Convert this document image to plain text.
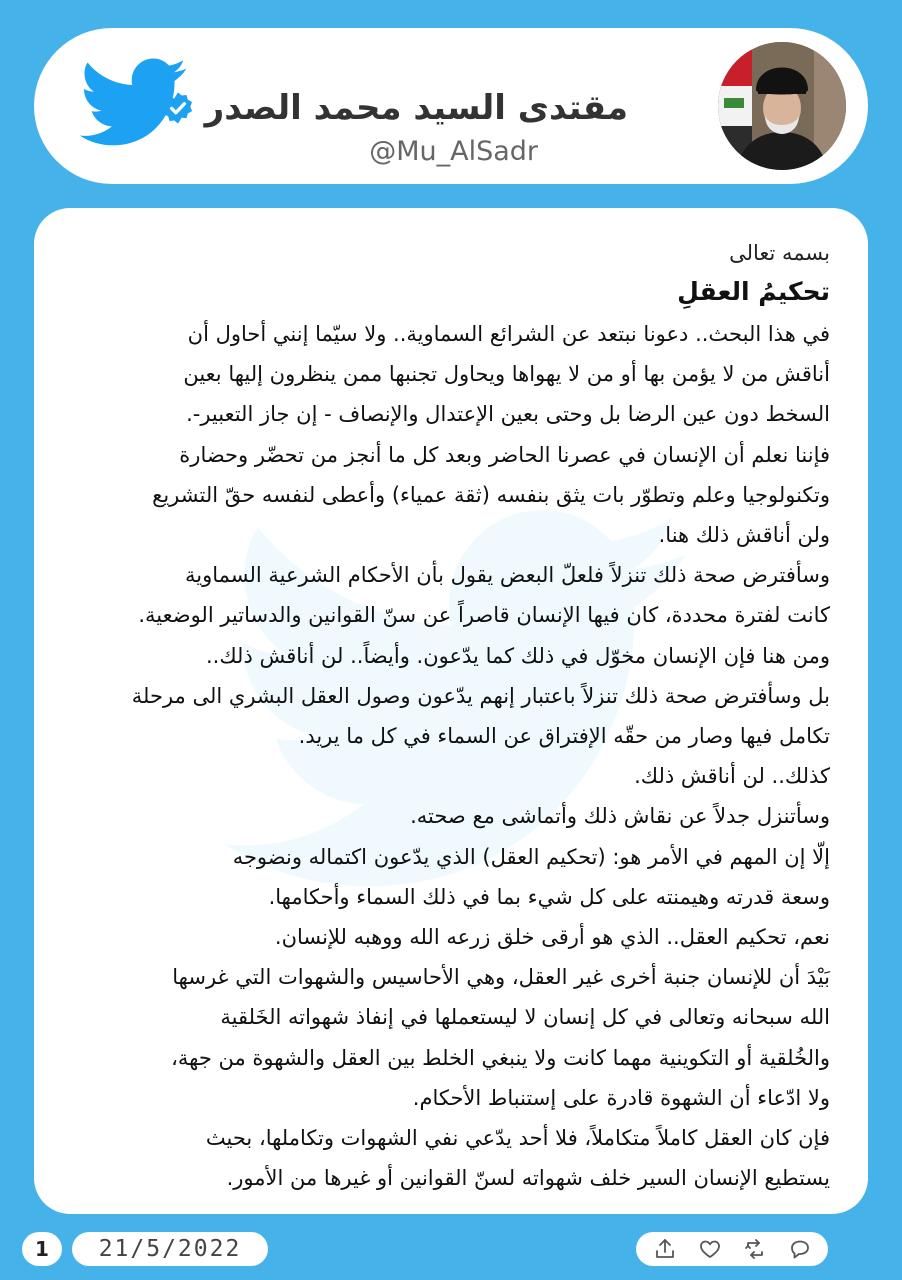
مقتدى السيد محمد الصدر
@Mu_AlSadr
بسمه تعالى
تحكيمُ العقلِ
في هذا البحث.. دعونا نبتعد عن الشرائع السماوية.. ولا سيّما إنني أحاول أن
أناقش من لا يؤمن بها أو من لا يهواها ويحاول تجنبها ممن ينظرون إليها بعين
السخط دون عين الرضا بل وحتى بعين الإعتدال والإنصاف - إن جاز التعبير-.
فإننا نعلم أن الإنسان في عصرنا الحاضر وبعد كل ما أنجز من تحضّر وحضارة
وتكنولوجيا وعلم وتطوّر بات يثق بنفسه (ثقة عمياء) وأعطى لنفسه حقّ التشريع
ولن أناقش ذلك هنا.
وسأفترض صحة ذلك تنزلاً فلعلّ البعض يقول بأن الأحكام الشرعية السماوية
كانت لفترة محددة، كان فيها الإنسان قاصراً عن سنّ القوانين والدساتير الوضعية.
ومن هنا فإن الإنسان مخوّل في ذلك كما يدّعون. وأيضاً.. لن أناقش ذلك..
بل وسأفترض صحة ذلك تنزلاً باعتبار إنهم يدّعون وصول العقل البشري الى مرحلة
تكامل فيها وصار من حقّه الإفتراق عن السماء في كل ما يريد.
كذلك.. لن أناقش ذلك.
وسأتنزل جدلاً عن نقاش ذلك وأتماشى مع صحته.
إلّا إن المهم في الأمر هو: (تحكيم العقل) الذي يدّعون اكتماله ونضوجه
وسعة قدرته وهيمنته على كل شيء بما في ذلك السماء وأحكامها.
نعم، تحكيم العقل.. الذي هو أرقى خلق زرعه الله ووهبه للإنسان.
بَيْدَ أن للإنسان جنبة أخرى غير العقل، وهي الأحاسيس والشهوات التي غرسها
الله سبحانه وتعالى في كل إنسان لا ليستعملها في إنفاذ شهواته الخَلقية
والخُلقية أو التكوينية مهما كانت ولا ينبغي الخلط بين العقل والشهوة من جهة،
ولا ادّعاء أن الشهوة قادرة على إستنباط الأحكام.
فإن كان العقل كاملاً متكاملاً، فلا أحد يدّعي نفي الشهوات وتكاملها، بحيث
يستطيع الإنسان السير خلف شهواته لسنّ القوانين أو غيرها من الأمور.
1	21/5/2022
